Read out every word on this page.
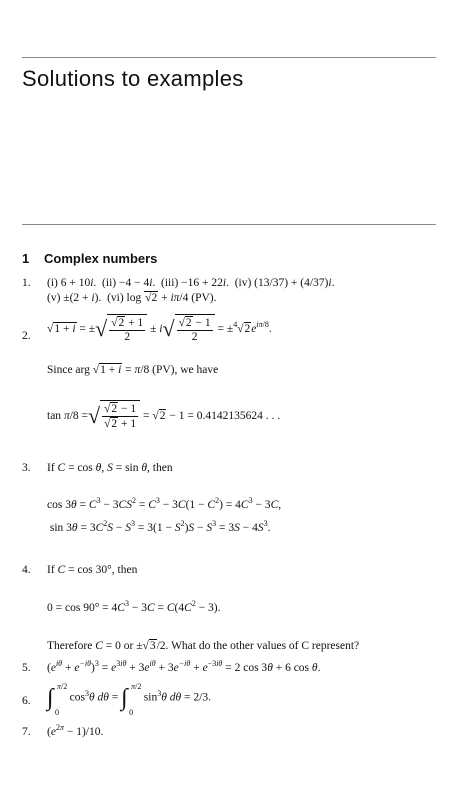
Solutions to examples
1 Complex numbers
1. (i) 6 + 10i.  (ii) −4 − 4i.  (iii) −16 + 22i.  (iv) (13/37) + (4/37)i.
(v) ±(2 + i).  (vi) log √2 + iπ/4 (PV).
2.
√1 + i = ±√ $\frac{√2 + 1}{2} \pm i√ \frac{√2 - 1}{2} = \pm^4√2e^{i\pi/8}$.
Since arg √1 + i = π/8 (PV), we have
tan π/8 =√ $\frac{√2 - 1}{√2 + 1} = √2 - 1 = 0.4142135624$ . . .
3. If C = cos θ, S = sin θ, then
$\cos 3\theta = C^3 - 3CS^2 = C^3 - 3C(1 - C^2) = 4C^3 - 3C$,
$\sin 3\theta = 3C^2S - S^3 = 3(1 - S^2)S - S^3 = 3S - 4S^3$.
4. If C = cos 30°, then
$0 = \cos 90^\circ = 4C^3 - 3C = C(4C^2 - 3)$.
Therefore C = 0 or ±√3/2. What do the other values of C represent?
5. $(e^{i\theta} + e^{-i\theta})^3 = e^{3i\theta} + 3e^{i\theta} + 3e^{-i\theta} + e^{-3i\theta} = 2$ cos 3θ + 6 cos θ.
6. ∫ π/2
0
$\cos^3\theta$ dθ = ∫ π/2
0
$\sin^3\theta$ dθ = 2/3.
7. $(e^{2\pi} - 1)/10$.
